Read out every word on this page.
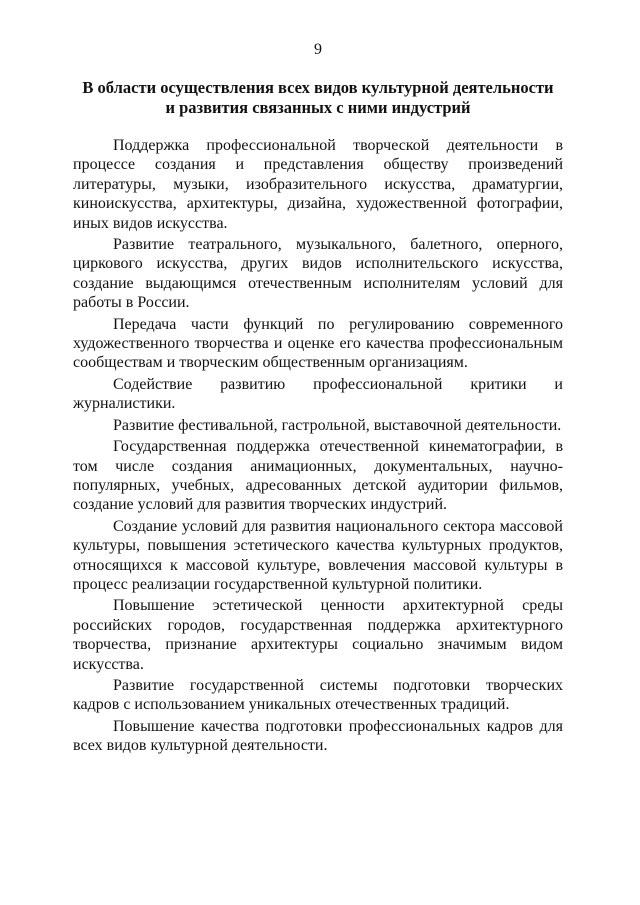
9
В области осуществления всех видов культурной деятельности
и развития связанных с ними индустрий

Поддержка профессиональной творческой деятельности в процессе создания и представления обществу произведений литературы, музыки, изобразительного искусства, драматургии, киноискусства, архитектуры, дизайна, художественной фотографии, иных видов искусства.

Развитие театрального, музыкального, балетного, оперного, циркового искусства, других видов исполнительского искусства, создание выдающимся отечественным исполнителям условий для работы в России.

Передача части функций по регулированию современного художественного творчества и оценке его качества профессиональным сообществам и творческим общественным организациям.

Содействие развитию профессиональной критики и журналистики.

Развитие фестивальной, гастрольной, выставочной деятельности.

Государственная поддержка отечественной кинематографии, в том числе создания анимационных, документальных, научно-популярных, учебных, адресованных детской аудитории фильмов, создание условий для развития творческих индустрий.

Создание условий для развития национального сектора массовой культуры, повышения эстетического качества культурных продуктов, относящихся к массовой культуре, вовлечения массовой культуры в процесс реализации государственной культурной политики.

Повышение эстетической ценности архитектурной среды российских городов, государственная поддержка архитектурного творчества, признание архитектуры социально значимым видом искусства.

Развитие государственной системы подготовки творческих кадров с использованием уникальных отечественных традиций.

Повышение качества подготовки профессиональных кадров для всех видов культурной деятельности.
